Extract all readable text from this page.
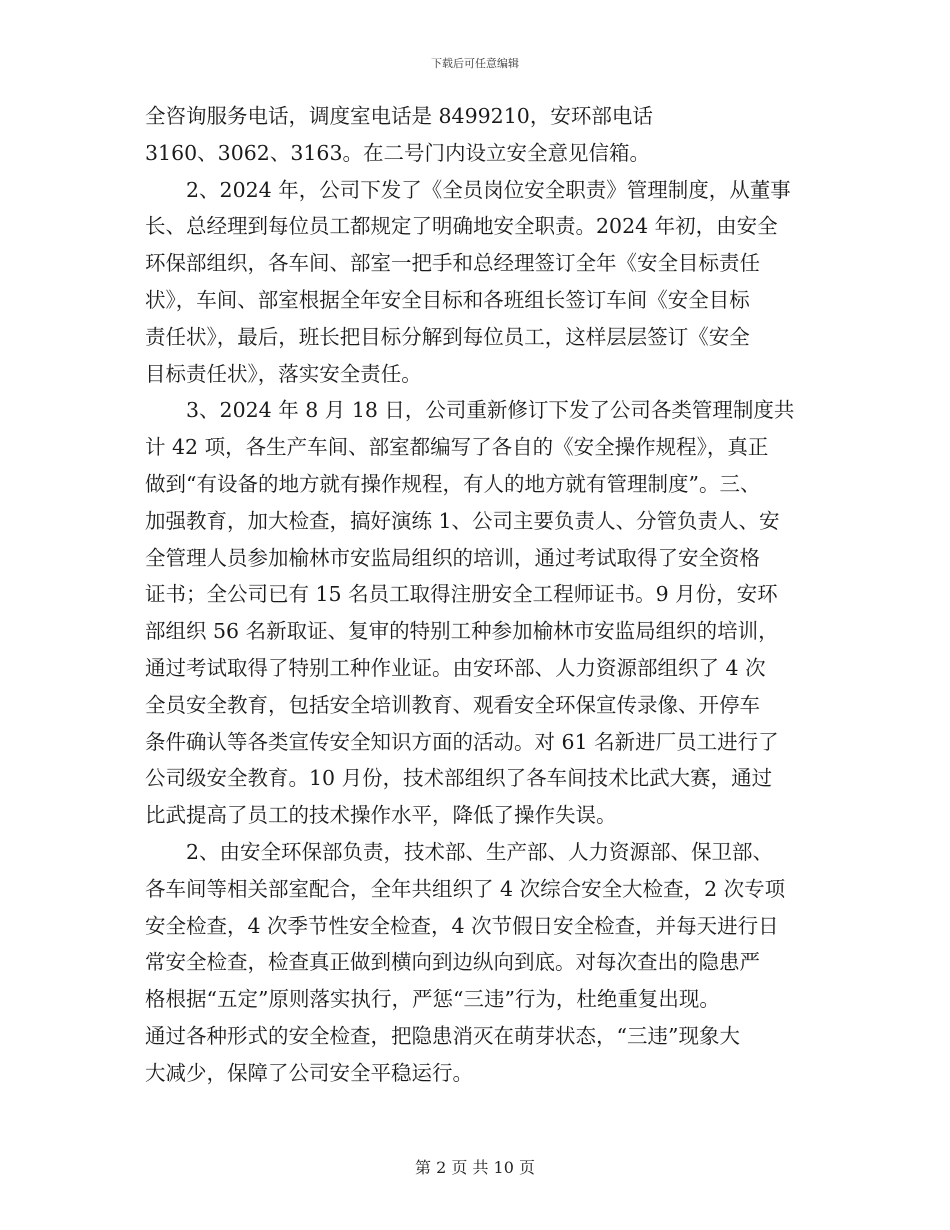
下载后可任意编辑
全咨询服务电话，调度室电话是 8499210，安环部电话
3160、3062、3163。在二号门内设立安全意见信箱。
2、2024 年，公司下发了《全员岗位安全职责》管理制度，从董事
长、总经理到每位员工都规定了明确地安全职责。2024 年初，由安全
环保部组织，各车间、部室一把手和总经理签订全年《安全目标责任
状》，车间、部室根据全年安全目标和各班组长签订车间《安全目标
责任状》，最后，班长把目标分解到每位员工，这样层层签订《安全
目标责任状》，落实安全责任。
3、2024 年 8 月 18 日，公司重新修订下发了公司各类管理制度共
计 42 项，各生产车间、部室都编写了各自的《安全操作规程》，真正
做到“有设备的地方就有操作规程，有人的地方就有管理制度”。三、
加强教育，加大检查，搞好演练 1、公司主要负责人、分管负责人、安
全管理人员参加榆林市安监局组织的培训，通过考试取得了安全资格
证书；全公司已有 15 名员工取得注册安全工程师证书。9 月份，安环
部组织 56 名新取证、复审的特别工种参加榆林市安监局组织的培训，
通过考试取得了特别工种作业证。由安环部、人力资源部组织了 4 次
全员安全教育，包括安全培训教育、观看安全环保宣传录像、开停车
条件确认等各类宣传安全知识方面的活动。对 61 名新进厂员工进行了
公司级安全教育。10 月份，技术部组织了各车间技术比武大赛，通过
比武提高了员工的技术操作水平，降低了操作失误。
2、由安全环保部负责，技术部、生产部、人力资源部、保卫部、
各车间等相关部室配合，全年共组织了 4 次综合安全大检查，2 次专项
安全检查，4 次季节性安全检查，4 次节假日安全检查，并每天进行日
常安全检查，检查真正做到横向到边纵向到底。对每次查出的隐患严
格根据“五定”原则落实执行，严惩“三违”行为，杜绝重复出现。
通过各种形式的安全检查，把隐患消灭在萌芽状态，“三违”现象大
大减少，保障了公司安全平稳运行。
第 2 页 共 10 页
